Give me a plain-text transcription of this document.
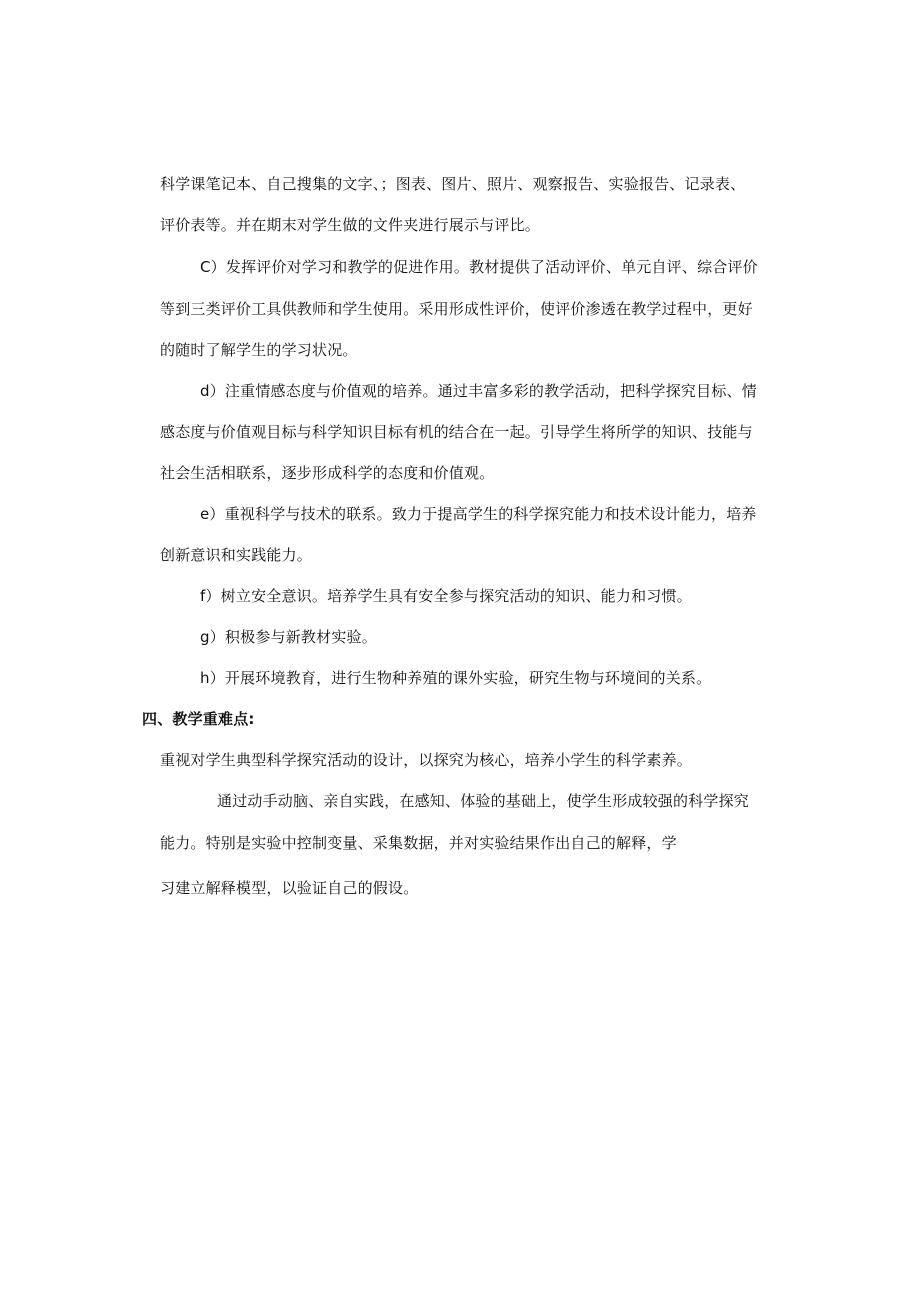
科学课笔记本、自己搜集的文字、；图表、图片、照片、观察报告、实验报告、记录表、
评价表等。并在期末对学生做的文件夹进行展示与评比。
C）发挥评价对学习和教学的促进作用。教材提供了活动评价、单元自评、综合评价
等到三类评价工具供教师和学生使用。采用形成性评价，使评价渗透在教学过程中，更好
的随时了解学生的学习状况。
d）注重情感态度与价值观的培养。通过丰富多彩的教学活动，把科学探究目标、情
感态度与价值观目标与科学知识目标有机的结合在一起。引导学生将所学的知识、技能与
社会生活相联系，逐步形成科学的态度和价值观。
e）重视科学与技术的联系。致力于提高学生的科学探究能力和技术设计能力，培养
创新意识和实践能力。
f）树立安全意识。培养学生具有安全参与探究活动的知识、能力和习惯。
g）积极参与新教材实验。
h）开展环境教育，进行生物种养殖的课外实验，研究生物与环境间的关系。
四、教学重难点:
重视对学生典型科学探究活动的设计，以探究为核心，培养小学生的科学素养。
通过动手动脑、亲自实践，在感知、体验的基础上，使学生形成较强的科学探究
能力。特别是实验中控制变量、采集数据，并对实验结果作出自己的解释，学
习建立解释模型，以验证自己的假设。
